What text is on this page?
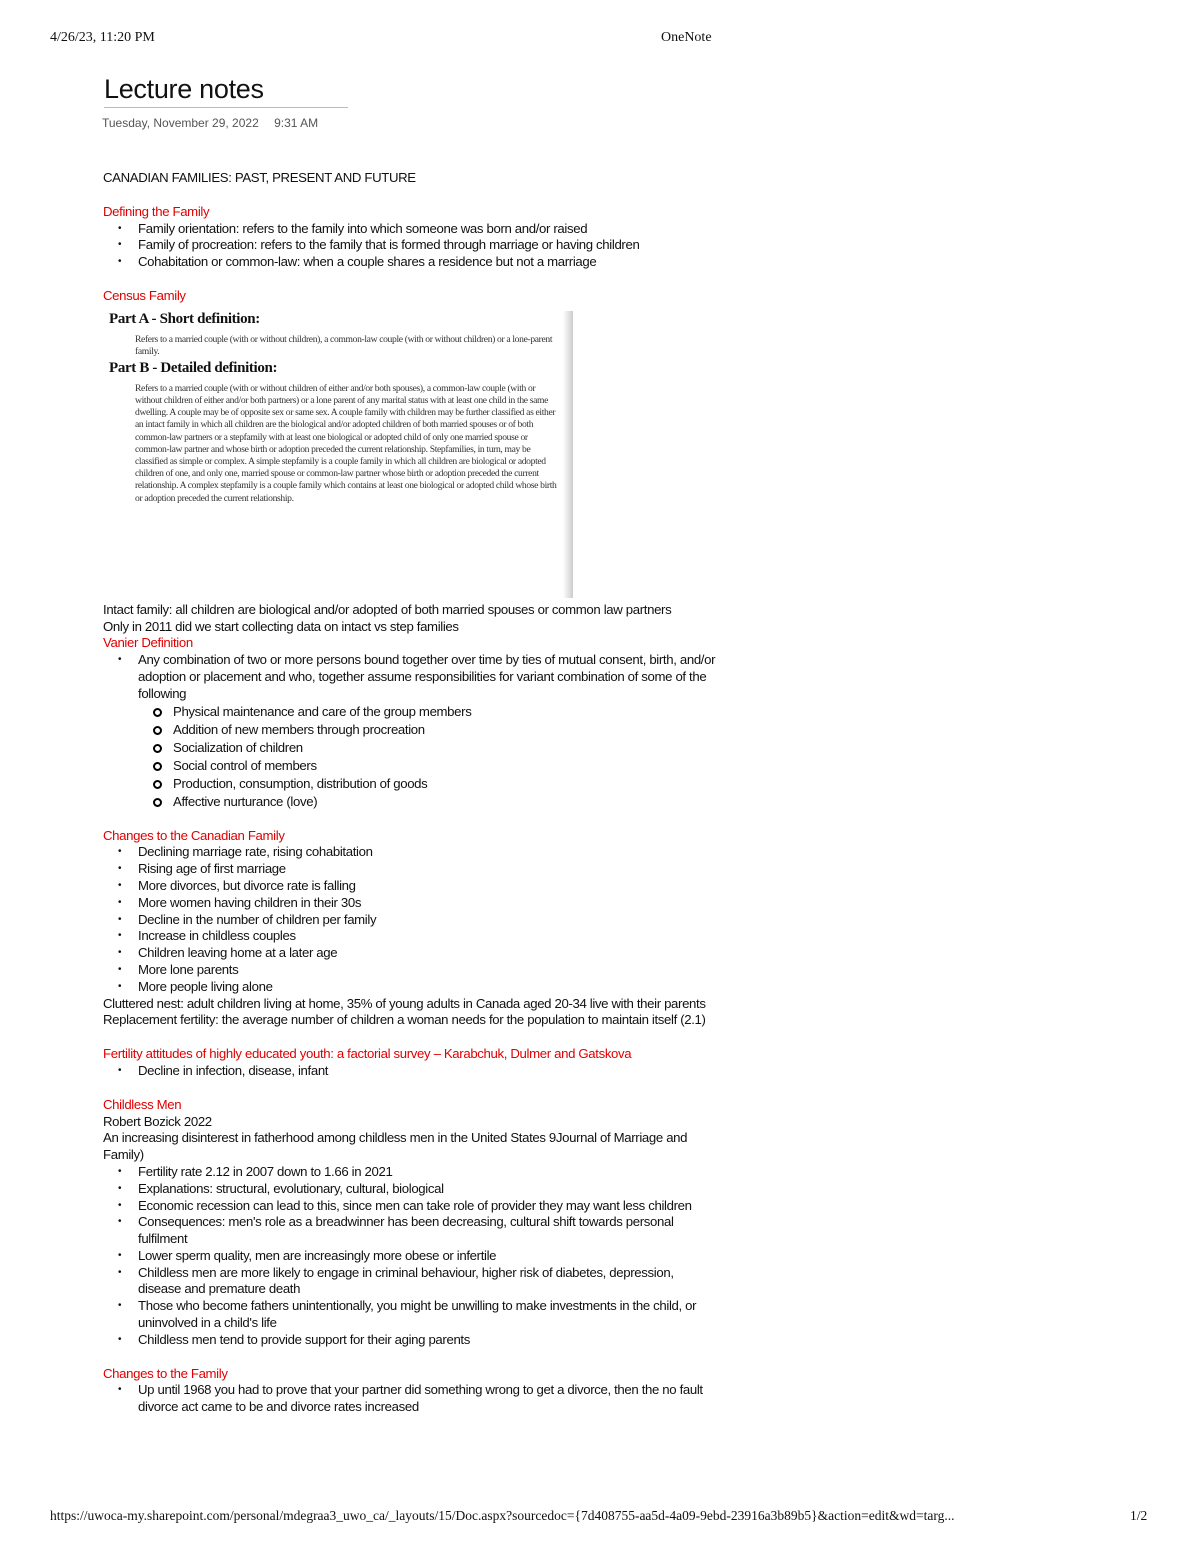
4/26/23, 11:20 PM	OneNote
Lecture notes
Tuesday, November 29, 2022 9:31 AM

CANADIAN FAMILIES: PAST, PRESENT AND FUTURE

Defining the Family

• Family orientation: refers to the family into which someone was born and/or raised
• Family of procreation: refers to the family that is formed through marriage or having children
• Cohabitation or common-law: when a couple shares a residence but not a marriage

Census Family

Part A - Short definition:
Refers to a married couple (with or without children), a common-law couple (with or without children) or a lone-parent family.
Part B - Detailed definition:
Refers to a married couple (with or without children of either and/or both spouses), a common-law couple (with or without children of either and/or both partners) or a lone parent of any marital status with at least one child in the same dwelling. A couple may be of opposite sex or same sex. A couple family with children may be further classified as either an intact family in which all children are the biological and/or adopted children of both married spouses or of both common-law partners or a stepfamily with at least one biological or adopted child of only one married spouse or common-law partner and whose birth or adoption preceded the current relationship. Stepfamilies, in turn, may be classified as simple or complex. A simple stepfamily is a couple family in which all children are biological or adopted children of one, and only one, married spouse or common-law partner whose birth or adoption preceded the current relationship. A complex stepfamily is a couple family which contains at least one biological or adopted child whose birth or adoption preceded the current relationship.

Intact family: all children are biological and/or adopted of both married spouses or common law partners

Only in 2011 did we start collecting data on intact vs step families

Vanier Definition

• Any combination of two or more persons bound together over time by ties of mutual consent, birth, and/or adoption or placement and who, together assume responsibilities for variant combination of some of the following
Physical maintenance and care of the group members
Addition of new members through procreation
Socialization of children
Social control of members
Production, consumption, distribution of goods
Affective nurturance (love)

Changes to the Canadian Family

• Declining marriage rate, rising cohabitation
• Rising age of first marriage
• More divorces, but divorce rate is falling
• More women having children in their 30s
• Decline in the number of children per family
• Increase in childless couples
• Children leaving home at a later age
• More lone parents
• More people living alone

Cluttered nest: adult children living at home, 35% of young adults in Canada aged 20-34 live with their parents

Replacement fertility: the average number of children a woman needs for the population to maintain itself (2.1)

Fertility attitudes of highly educated youth: a factorial survey – Karabchuk, Dulmer and Gatskova

• Decline in infection, disease, infant

Childless Men

Robert Bozick 2022

An increasing disinterest in fatherhood among childless men in the United States 9Journal of Marriage and Family)

• Fertility rate 2.12 in 2007 down to 1.66 in 2021
• Explanations: structural, evolutionary, cultural, biological
• Economic recession can lead to this, since men can take role of provider they may want less children
• Consequences: men's role as a breadwinner has been decreasing, cultural shift towards personal fulfilment
• Lower sperm quality, men are increasingly more obese or infertile
• Childless men are more likely to engage in criminal behaviour, higher risk of diabetes, depression, disease and premature death
• Those who become fathers unintentionally, you might be unwilling to make investments in the child, or uninvolved in a child's life
• Childless men tend to provide support for their aging parents

Changes to the Family

• Up until 1968 you had to prove that your partner did something wrong to get a divorce, then the no fault divorce act came to be and divorce rates increased
https://uwoca-my.sharepoint.com/personal/mdegraa3_uwo_ca/_layouts/15/Doc.aspx?sourcedoc={7d408755-aa5d-4a09-9ebd-23916a3b89b5}&action=edit&wd=targ...	1/2
